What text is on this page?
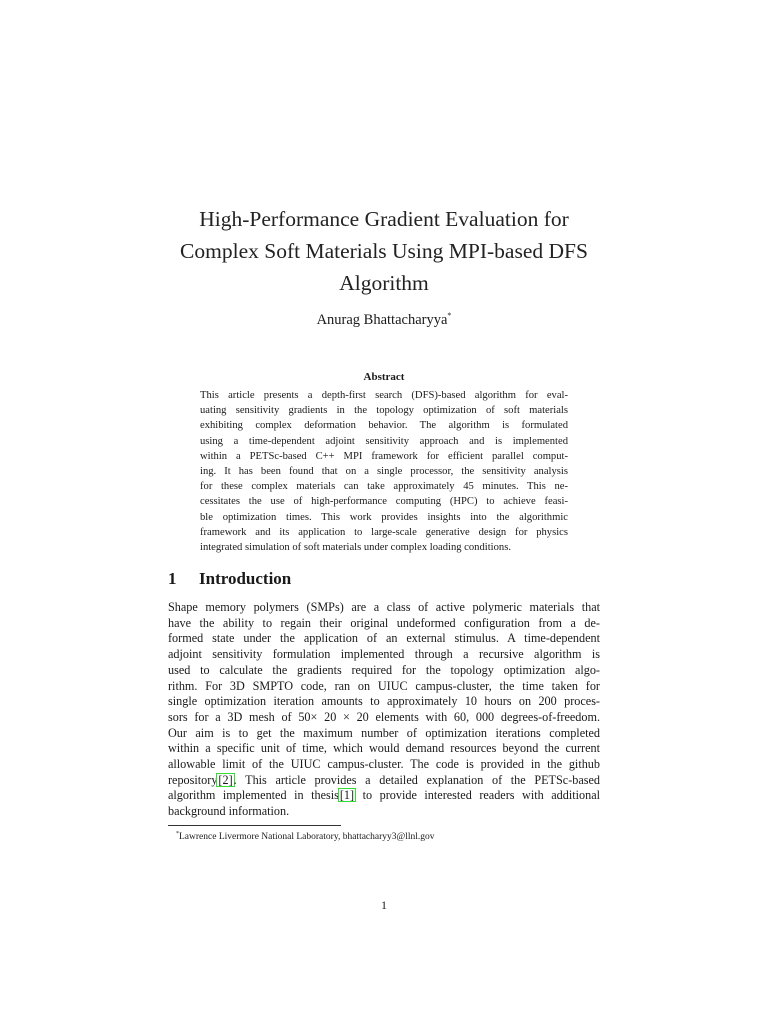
High-Performance Gradient Evaluation for
Complex Soft Materials Using MPI-based DFS
Algorithm
Anurag Bhattacharyya*
Abstract
This article presents a depth-first search (DFS)-based algorithm for eval-
uating sensitivity gradients in the topology optimization of soft materials
exhibiting complex deformation behavior. The algorithm is formulated
using a time-dependent adjoint sensitivity approach and is implemented
within a PETSc-based C++ MPI framework for efficient parallel comput-
ing. It has been found that on a single processor, the sensitivity analysis
for these complex materials can take approximately 45 minutes. This ne-
cessitates the use of high-performance computing (HPC) to achieve feasi-
ble optimization times. This work provides insights into the algorithmic
framework and its application to large-scale generative design for physics
integrated simulation of soft materials under complex loading conditions.
1 Introduction
Shape memory polymers (SMPs) are a class of active polymeric materials that
have the ability to regain their original undeformed configuration from a de-
formed state under the application of an external stimulus. A time-dependent
adjoint sensitivity formulation implemented through a recursive algorithm is
used to calculate the gradients required for the topology optimization algo-
rithm. For 3D SMPTO code, ran on UIUC campus-cluster, the time taken for
single optimization iteration amounts to approximately 10 hours on 200 proces-
sors for a 3D mesh of 50× 20 × 20 elements with 60, 000 degrees-of-freedom.
Our aim is to get the maximum number of optimization iterations completed
within a specific unit of time, which would demand resources beyond the current
allowable limit of the UIUC campus-cluster. The code is provided in the github
repository[2]. This article provides a detailed explanation of the PETSc-based
algorithm implemented in thesis[1] to provide interested readers with additional
background information.
*Lawrence Livermore National Laboratory, bhattacharyy3@llnl.gov
1
